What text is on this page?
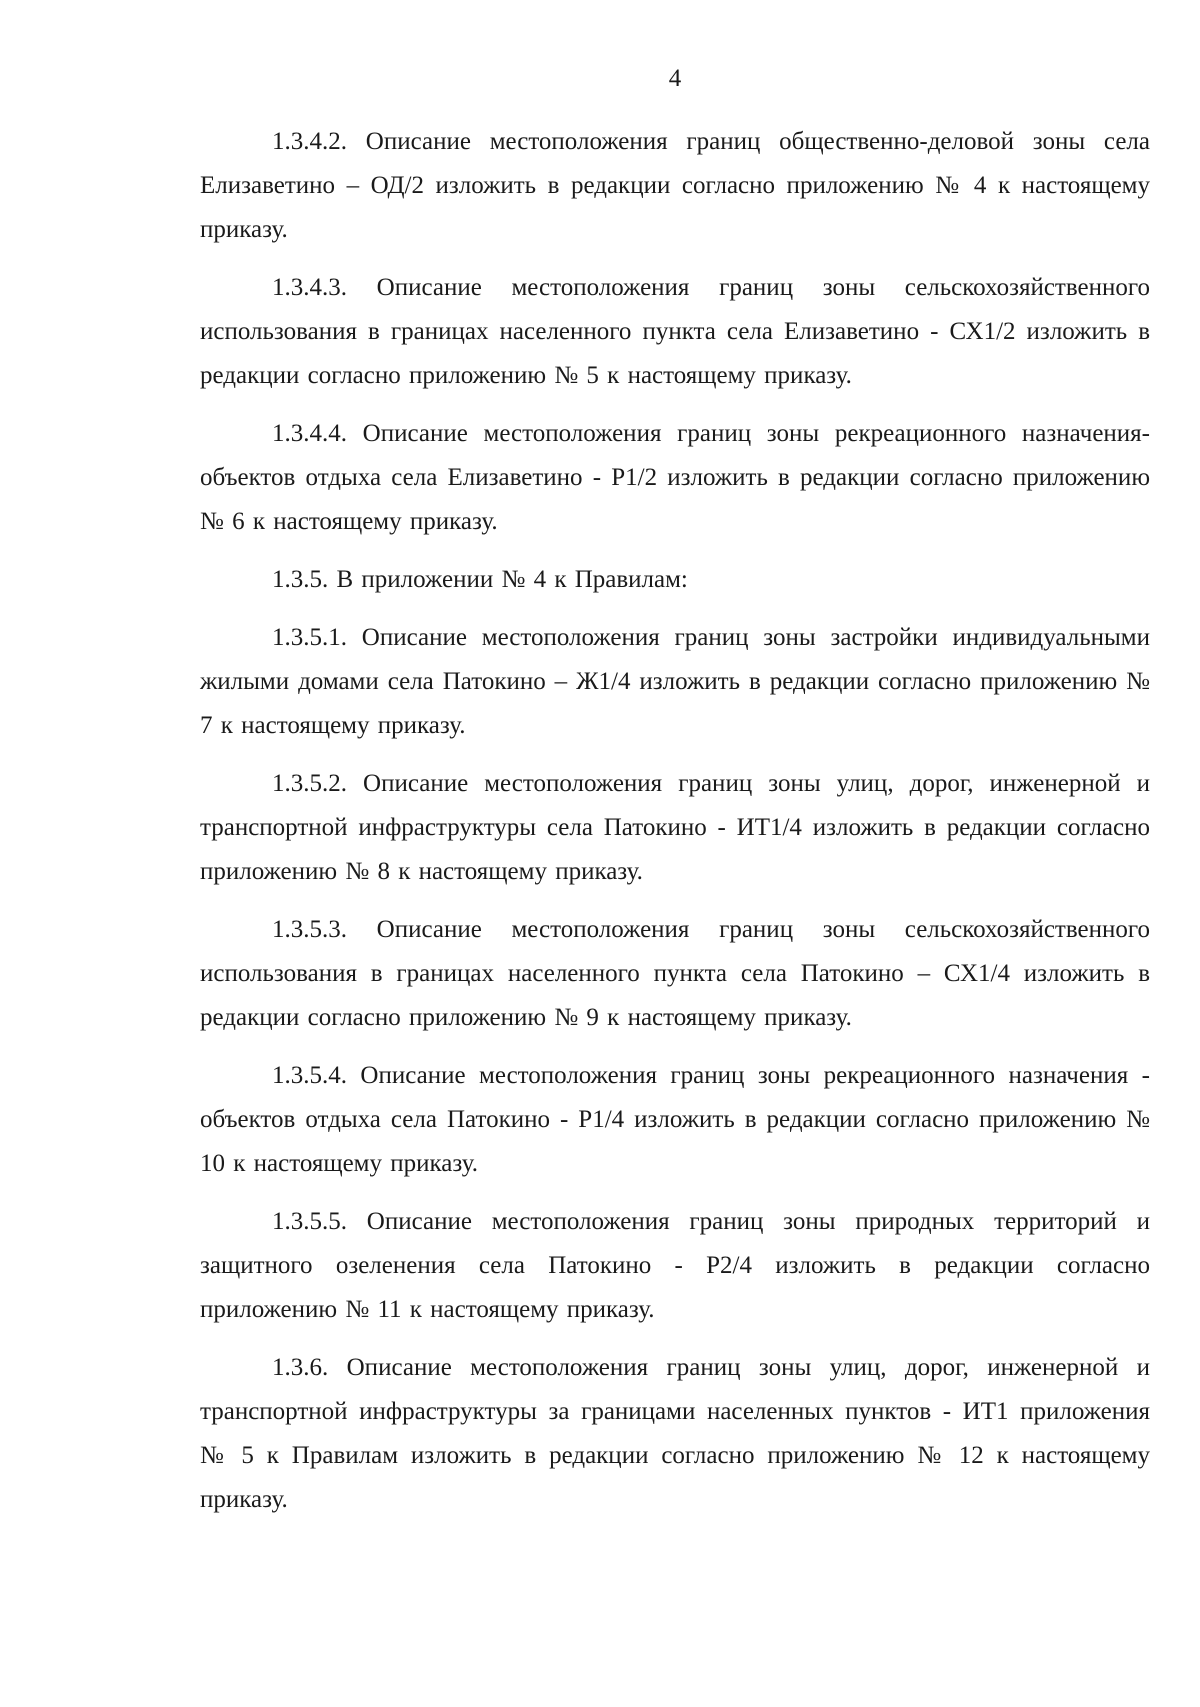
4

1.3.4.2. Описание местоположения границ общественно-деловой зоны села Елизаветино – ОД/2 изложить в редакции согласно приложению № 4 к настоящему приказу.

1.3.4.3. Описание местоположения границ зоны сельскохозяйственного использования в границах населенного пункта села Елизаветино - СХ1/2 изложить в редакции согласно приложению № 5 к настоящему приказу.

1.3.4.4. Описание местоположения границ зоны рекреационного назначения-объектов отдыха села Елизаветино - Р1/2 изложить в редакции согласно приложению № 6 к настоящему приказу.

1.3.5. В приложении № 4 к Правилам:

1.3.5.1. Описание местоположения границ зоны застройки индивидуальными жилыми домами села Патокино – Ж1/4 изложить в редакции согласно приложению № 7 к настоящему приказу.

1.3.5.2. Описание местоположения границ зоны улиц, дорог, инженерной и транспортной инфраструктуры села Патокино - ИТ1/4 изложить в редакции согласно приложению № 8 к настоящему приказу.

1.3.5.3. Описание местоположения границ зоны сельскохозяйственного использования в границах населенного пункта села Патокино – СХ1/4 изложить в редакции согласно приложению № 9 к настоящему приказу.

1.3.5.4. Описание местоположения границ зоны рекреационного назначения - объектов отдыха села Патокино - Р1/4 изложить в редакции согласно приложению № 10 к настоящему приказу.

1.3.5.5. Описание местоположения границ зоны природных территорий и защитного озеленения села Патокино - Р2/4 изложить в редакции согласно приложению № 11 к настоящему приказу.

1.3.6. Описание местоположения границ зоны улиц, дорог, инженерной и транспортной инфраструктуры за границами населенных пунктов - ИТ1 приложения № 5 к Правилам изложить в редакции согласно приложению № 12 к настоящему приказу.
